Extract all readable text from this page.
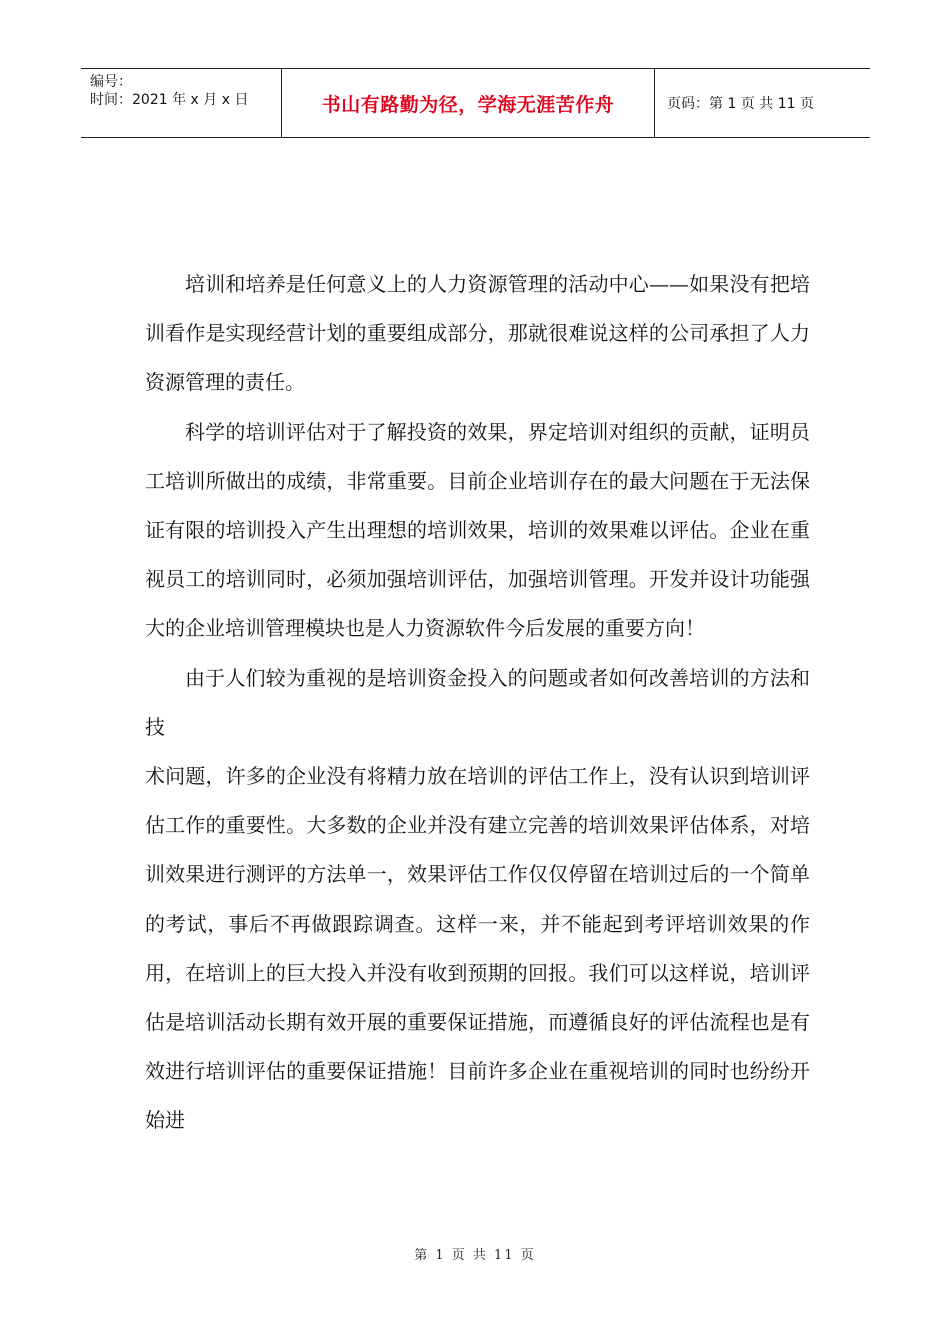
编号：
时间：2021 年 x 月 x 日	书山有路勤为径，学海无涯苦作舟	页码：第 1 页 共 11 页

培训和培养是任何意义上的人力资源管理的活动中心——如果没有把培训看作是实现经营计划的重要组成部分，那就很难说这样的公司承担了人力资源管理的责任。

科学的培训评估对于了解投资的效果，界定培训对组织的贡献，证明员工培训所做出的成绩，非常重要。目前企业培训存在的最大问题在于无法保证有限的培训投入产生出理想的培训效果，培训的效果难以评估。企业在重视员工的培训同时，必须加强培训评估，加强培训管理。开发并设计功能强大的企业培训管理模块也是人力资源软件今后发展的重要方向！

由于人们较为重视的是培训资金投入的问题或者如何改善培训的方法和技

术问题，许多的企业没有将精力放在培训的评估工作上，没有认识到培训评估工作的重要性。大多数的企业并没有建立完善的培训效果评估体系，对培训效果进行测评的方法单一，效果评估工作仅仅停留在培训过后的一个简单的考试，事后不再做跟踪调查。这样一来，并不能起到考评培训效果的作用，在培训上的巨大投入并没有收到预期的回报。我们可以这样说，培训评估是培训活动长期有效开展的重要保证措施，而遵循良好的评估流程也是有效进行培训评估的重要保证措施！目前许多企业在重视培训的同时也纷纷开始进

第 1 页 共 11 页
